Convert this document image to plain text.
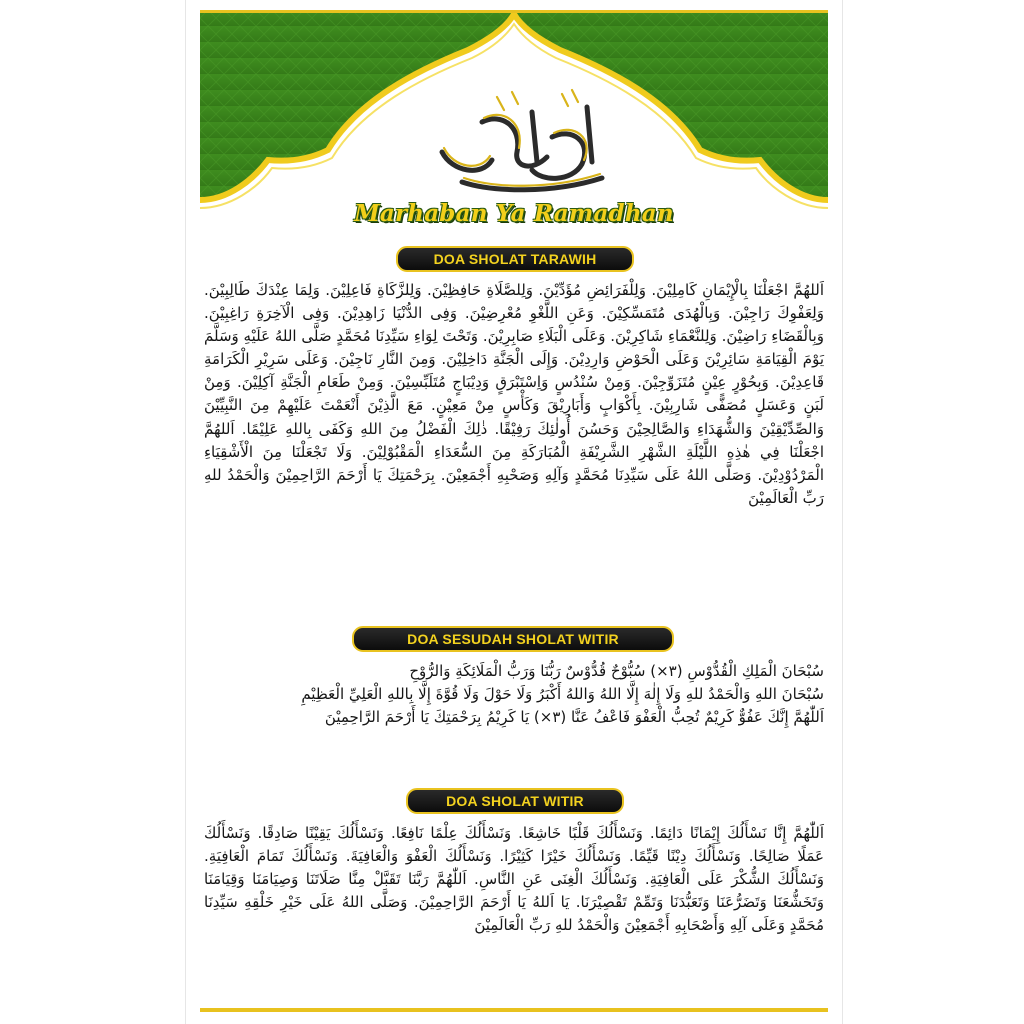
رمضان كريم
Marhaban Ya Ramadhan
DOA SHOLAT TARAWIH

اَللهُمَّ اجْعَلْنَا بِالْإِيْمَانِ كَامِلِيْنَ. وَلِلْفَرَائِضِ مُؤَدِّيْنَ. وَلِلصَّلَاةِ حَافِظِيْنَ. وَلِلزَّكَاةِ فَاعِلِيْنَ. وَلِمَا عِنْدَكَ طَالِبِيْنَ. وَلِعَفْوِكَ رَاجِيْنَ. وَبِالْهُدَى مُتَمَسِّكِيْنَ. وَعَنِ اللَّغْوِ مُعْرِضِيْنَ. وَفِى الدُّنْيَا زَاهِدِيْنَ. وَفِى الْآخِرَةِ رَاغِبِيْنَ. وَبِالْقَضَاءِ رَاضِيْنَ. وَلِلنَّعْمَاءِ شَاكِرِيْنَ. وَعَلَى الْبَلَاءِ صَابِرِيْنَ. وَتَحْتَ لِوَاءِ سَيِّدِنَا مُحَمَّدٍ صَلَّى اللهُ عَلَيْهِ وَسَلَّمَ يَوْمَ الْقِيَامَةِ سَائِرِيْنَ وَعَلَى الْحَوْضِ وَارِدِيْنَ. وَإِلَى الْجَنَّةِ دَاخِلِيْنَ. وَمِنَ النَّارِ نَاجِيْنَ. وَعَلَى سَرِيْرِ الْكَرَامَةِ قَاعِدِيْنَ. وَبِحُوْرٍ عِيْنٍ مُتَزَوِّجِيْنَ. وَمِنْ سُنْدُسٍ وَاِسْتَبْرَقٍ وَدِيْبَاجٍ مُتَلَبِّسِيْنَ. وَمِنْ طَعَامِ الْجَنَّةِ آكِلِيْنَ. وَمِنْ لَبَنٍ وَعَسَلٍ مُصَفًّى شَارِبِيْنَ. بِأَكْوَابٍ وَأَبَارِيْقَ وَكَأْسٍ مِنْ مَعِيْنٍ. مَعَ الَّذِيْنَ أَنْعَمْتَ عَلَيْهِمْ مِنَ النَّبِيِّيْنَ وَالصِّدِّيْقِيْنَ وَالشُّهَدَاءِ وَالصَّالِحِيْنَ وَحَسُنَ أُولٰئِكَ رَفِيْقًا. ذٰلِكَ الْفَضْلُ مِنَ اللهِ وَكَفَى بِاللهِ عَلِيْمًا. اَللهُمَّ اجْعَلْنَا فِي هٰذِهِ اللَّيْلَةِ الشَّهْرِ الشَّرِيْفَةِ الْمُبَارَكَةِ مِنَ السُّعَدَاءِ الْمَقْبُوْلِيْنَ. وَلَا تَجْعَلْنَا مِنَ الْأَشْقِيَاءِ الْمَرْدُوْدِيْنَ. وَصَلَّى اللهُ عَلَى سَيِّدِنَا مُحَمَّدٍ وَآلِهِ وَصَحْبِهِ أَجْمَعِيْنَ. بِرَحْمَتِكَ يَا أَرْحَمَ الرَّاحِمِيْنَ وَالْحَمْدُ للهِ رَبِّ الْعَالَمِيْنَ

DOA SESUDAH SHOLAT WITIR

سُبْحَانَ الْمَلِكِ الْقُدُّوْسِ (٣×) سُبُّوْحٌ قُدُّوْسٌ رَبُّنَا وَرَبُّ الْمَلَائِكَةِ وَالرُّوْحِ

سُبْحَانَ اللهِ وَالْحَمْدُ للهِ وَلَا إِلٰهَ إِلَّا اللهُ وَاللهُ أَكْبَرُ وَلَا حَوْلَ وَلَا قُوَّةَ إِلَّا بِاللهِ الْعَلِيِّ الْعَظِيْمِ

اَللّٰهُمَّ إِنَّكَ عَفُوٌّ كَرِيْمٌ تُحِبُّ الْعَفْوَ فَاعْفُ عَنَّا (٣×) يَا كَرِيْمُ بِرَحْمَتِكَ يَا أَرْحَمَ الرَّاحِمِيْنَ

DOA SHOLAT WITIR

اَللّٰهُمَّ إِنَّا نَسْأَلُكَ إِيْمَانًا دَائِمًا. وَنَسْأَلُكَ قَلْبًا خَاشِعًا. وَنَسْأَلُكَ عِلْمًا نَافِعًا. وَنَسْأَلُكَ يَقِيْنًا صَادِقًا. وَنَسْأَلُكَ عَمَلًا صَالِحًا. وَنَسْأَلُكَ دِيْنًا قَيِّمًا. وَنَسْأَلُكَ خَيْرًا كَثِيْرًا. وَنَسْأَلُكَ الْعَفْوَ وَالْعَافِيَةَ. وَنَسْأَلُكَ تَمَامَ الْعَافِيَةِ. وَنَسْأَلُكَ الشُّكْرَ عَلَى الْعَافِيَةِ. وَنَسْأَلُكَ الْغِنَى عَنِ النَّاسِ. اَللّٰهُمَّ رَبَّنَا تَقَبَّلْ مِنَّا صَلَاتَنَا وَصِيَامَنَا وَقِيَامَنَا وَتَخَشُّعَنَا وَتَضَرُّعَنَا وَتَعَبُّدَنَا وَتَمِّمْ تَقْصِيْرَنَا. يَا اَللهُ يَا أَرْحَمَ الرَّاحِمِيْنَ. وَصَلَّى اللهُ عَلَى خَيْرِ خَلْقِهِ سَيِّدِنَا مُحَمَّدٍ وَعَلَى آلِهِ وَأَصْحَابِهِ أَجْمَعِيْنَ وَالْحَمْدُ للهِ رَبِّ الْعَالَمِيْنَ
